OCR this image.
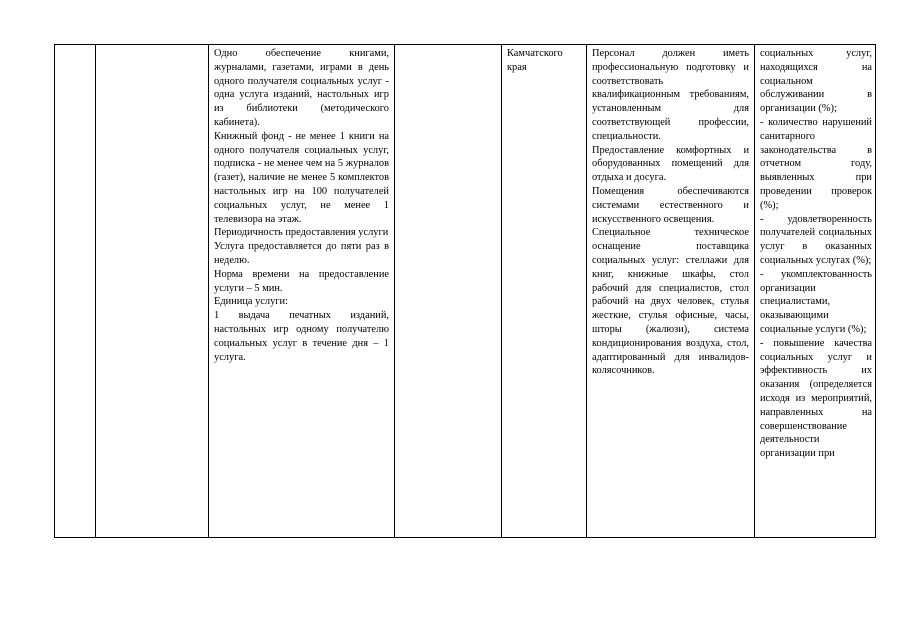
Одно обеспечение книгами, журналами, газетами, играми в день одного получателя социальных услуг - одна услуга изданий, настольных игр из библиотеки (методического кабинета).

Книжный фонд - не менее 1 книги на одного получателя социальных услуг, подписка - не менее чем на 5 журналов (газет), наличие не менее 5 комплектов настольных игр на 100 получателей социальных услуг, не менее 1 телевизора на этаж.

Периодичность предоставления услуги

Услуга предоставляется до пяти раз в неделю.

Норма времени на предоставление услуги – 5 мин.

Единица услуги:

1 выдача печатных изданий, настольных игр одному получателю социальных услуг в течение дня – 1 услуга.

Камчатского края

Персонал должен иметь профессиональную подготовку и соответствовать квалификационным требованиям, установленным для соответствующей профессии, специальности.

Предоставление комфортных и оборудованных помещений для отдыха и досуга.

Помещения обеспечиваются системами естественного и искусственного освещения.

Специальное техническое оснащение поставщика социальных услуг: стеллажи для книг, книжные шкафы, стол рабочий для специалистов, стол рабочий на двух человек, стулья жесткие, стулья офисные, часы, шторы (жалюзи), система кондиционирования воздуха, стол, адаптированный для инвалидов-колясочников.

социальных услуг, находящихся на социальном обслуживании в организации (%);

- количество нарушений санитарного законодательства в отчетном году, выявленных при проведении проверок (%);

- удовлетворенность получателей социальных услуг в оказанных социальных услугах (%);

- укомплектованность организации специалистами, оказывающими социальные услуги (%);

- повышение качества социальных услуг и эффективность их оказания (определяется исходя из мероприятий, направленных на совершенствование деятельности организации при
